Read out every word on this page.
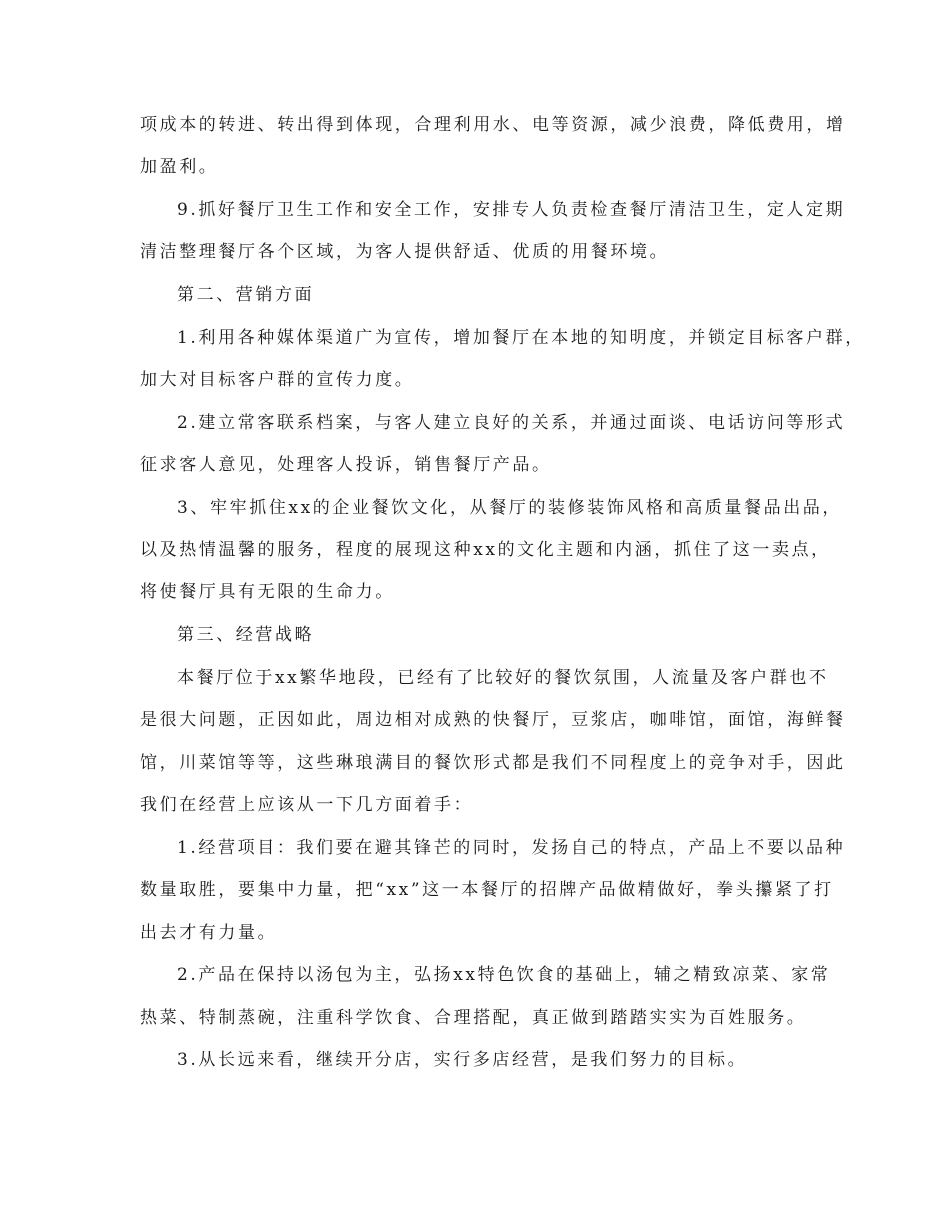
项成本的转进、转出得到体现，合理利用水、电等资源，减少浪费，降低费用，增
加盈利。
9.抓好餐厅卫生工作和安全工作，安排专人负责检查餐厅清洁卫生，定人定期
清洁整理餐厅各个区域，为客人提供舒适、优质的用餐环境。
第二、营销方面
1.利用各种媒体渠道广为宣传，增加餐厅在本地的知明度，并锁定目标客户群，
加大对目标客户群的宣传力度。
2.建立常客联系档案，与客人建立良好的关系，并通过面谈、电话访问等形式
征求客人意见，处理客人投诉，销售餐厅产品。
3、牢牢抓住xx的企业餐饮文化，从餐厅的装修装饰风格和高质量餐品出品，
以及热情温馨的服务，程度的展现这种xx的文化主题和内涵，抓住了这一卖点，
将使餐厅具有无限的生命力。
第三、经营战略
本餐厅位于xx繁华地段，已经有了比较好的餐饮氛围，人流量及客户群也不
是很大问题，正因如此，周边相对成熟的快餐厅，豆浆店，咖啡馆，面馆，海鲜餐
馆，川菜馆等等，这些琳琅满目的餐饮形式都是我们不同程度上的竞争对手，因此
我们在经营上应该从一下几方面着手：
1.经营项目：我们要在避其锋芒的同时，发扬自己的特点，产品上不要以品种
数量取胜，要集中力量，把“xx”这一本餐厅的招牌产品做精做好，拳头攥紧了打
出去才有力量。
2.产品在保持以汤包为主，弘扬xx特色饮食的基础上，辅之精致凉菜、家常
热菜、特制蒸碗，注重科学饮食、合理搭配，真正做到踏踏实实为百姓服务。
3.从长远来看，继续开分店，实行多店经营，是我们努力的目标。
